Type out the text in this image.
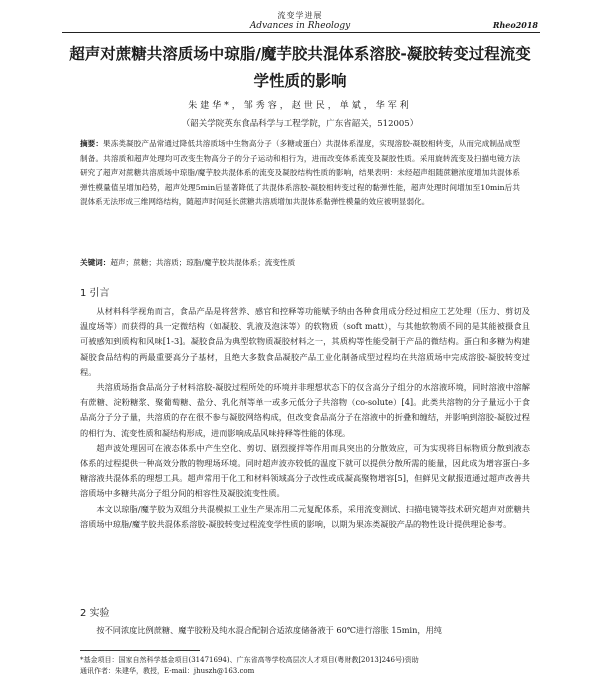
流变学进展
Advances in Rheology	Rheo2018
超声对蔗糖共溶质场中琼脂/魔芋胶共混体系溶胶-凝胶转变过程流变
学性质的影响
朱建华*，邹秀容，赵世民，单斌，华军利
（韶关学院英东食品科学与工程学院，广东省韶关，512005）
摘要：果冻类凝胶产品常通过降低共溶质场中生物高分子（多糖或蛋白）共混体系湿度，实现溶胶-凝胶相转变，从而完成制品成型制备。共溶质和超声处理均可改变生物高分子的分子运动和相行为，进而改变体系流变及凝胶性质。采用旋转流变及扫描电镜方法研究了超声对蔗糖共溶质场中琼脂/魔芋胶共混体系的流变及凝胶结构性质的影响，结果表明：未经超声组随蔗糖浓度增加共混体系弹性模量值呈增加趋势，超声处理5min后显著降低了共混体系溶胶-凝胶相转变过程的黏弹性能，超声处理时间增加至10min后共混体系无法形成三维网络结构，随超声时间延长蔗糖共溶质增加共混体系黏弹性模量的效应被明显弱化。
关键词：超声；蔗糖；共溶质；琼脂/魔芋胶共混体系；流变性质
1 引言

从材料科学视角而言，食品产品是将营养、感官和控释等功能赋予纳由各种食用成分经过相应工艺处理（压力、剪切及温度场等）而获得的具一定微结构（如凝胶、乳液及泡沫等）的软物质（soft matt），与其他软物质不同的是其能被摄食且可被感知到质构和风味[1-3]。凝胶食品为典型软物质凝胶材料之一，其质构等性能受制于产品的微结构。蛋白和多糖为构建凝胶食品结构的两最重要高分子基材，且绝大多数食品凝胶产品工业化制备成型过程均在共溶质场中完成溶胶-凝胶转变过程。

共溶质场指食品高分子材料溶胶-凝胶过程所处的环境并非理想状态下的仅含高分子组分的水溶液环境，同时溶液中溶解有蔗糖、淀粉糖浆、聚葡萄糖、盐分、乳化剂等单一或多元低分子共溶物（co-solute）[4]。此类共溶物的分子量远小于食品高分子分子量，共溶质的存在很不参与凝胶网络构成，但改变食品高分子在溶液中的折叠和缠结，并影响到溶胶-凝胶过程的相行为、流变性质和凝结构形成，进而影响成品风味持释等性能的体现。

超声波处理因可在液态体系中产生空化、剪切、剧烈搅拌等作用而具突出的分散效应，可为实现将目标物质分散到液态体系的过程提供一种高效分散的物理场环境。同时超声波亦较低的温度下就可以提供分散所需的能量，因此成为增容蛋白-多糖溶液共混体系的理想工具。超声常用于化工和材料领域高分子改性或成凝高聚物增容[5]，但鲜见文献报道通过超声改善共溶质场中多糖共高分子组分间的相容性及凝胶流变性质。

本文以琼脂/魔芋胶为双组分共混模拟工业生产果冻用二元复配体系，采用流变测试、扫描电镜等技术研究超声对蔗糖共溶质场中琼脂/魔芋胶共混体系溶胶-凝胶转变过程流变学性质的影响，以期为果冻类凝胶产品的物性设计提供理论参考。

2 实验

按不同浓度比例蔗糖、魔芋胶粉及纯水混合配制合适浓度储备液于 60℃进行溶胀 15min，用纯

*基金项目：国家自然科学基金项目(31471694)、广东省高等学校高层次人才项目(粤财教[2013]246号)资助
通讯作者：朱建华，教授，E-mail：jhuszh@163.com
